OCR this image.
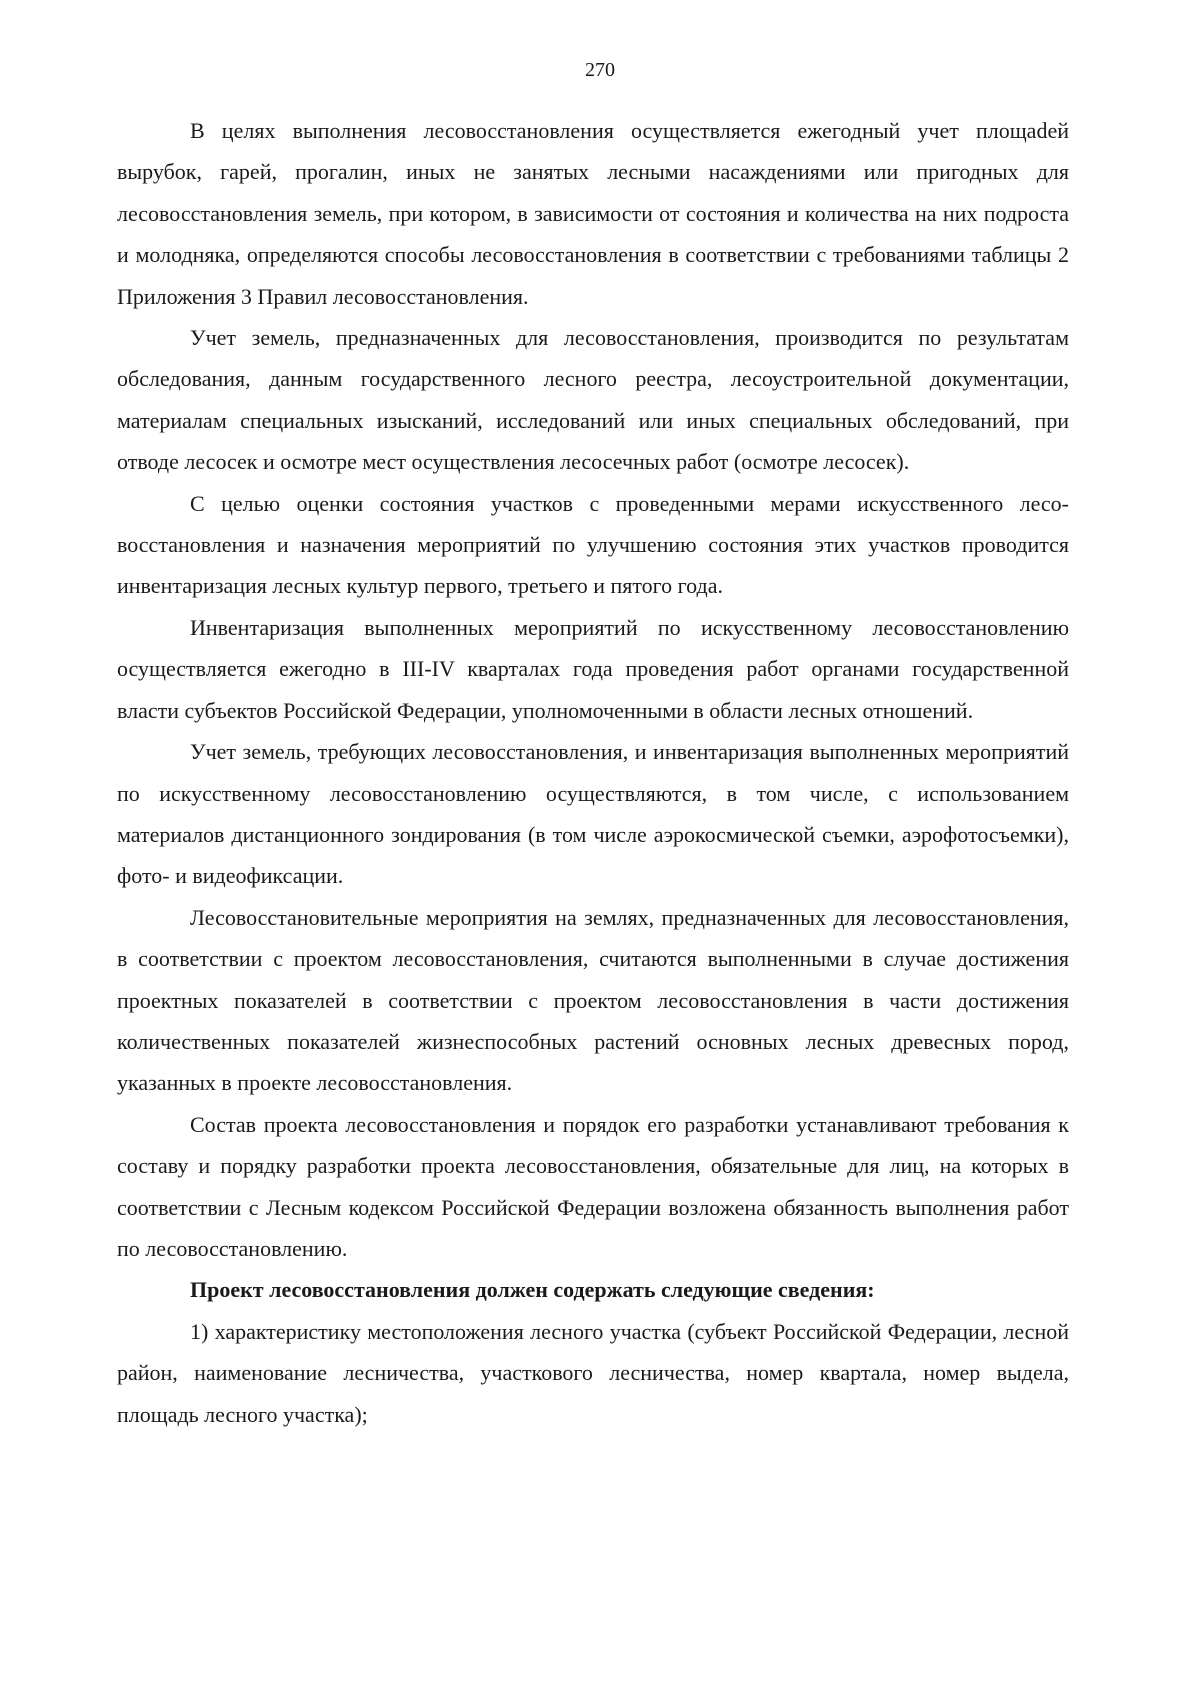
270

В целях выполнения лесовосстановления осуществляется ежегодный учет площаdей вырубок, гарей, прогалин, иных не занятых лесными насаждениями или пригодных для лесовосстановления земель, при котором, в зависимости от состояния и количества на них подроста и молодняка, определяются способы лесовосстановления в соответствии с требованиями таблицы 2 Приложения 3 Правил лесовосстановления.

Учет земель, предназначенных для лесовосстановления, производится по результатам обследования, данным государственного лесного реестра, лесоустроительной документации, материалам специальных изысканий, исследований или иных специальных обследований, при отводе лесосек и осмотре мест осуществления лесосечных работ (осмотре лесосек).

С целью оценки состояния участков с проведенными мерами искусственного лесовосстановления и назначения мероприятий по улучшению состояния этих участков проводится инвентаризация лесных культур первого, третьего и пятого года.

Инвентаризация выполненных мероприятий по искусственному лесовосстановлению осуществляется ежегодно в III-IV кварталах года проведения работ органами государственной власти субъектов Российской Федерации, уполномоченными в области лесных отношений.

Учет земель, требующих лесовосстановления, и инвентаризация выполненных мероприятий по искусственному лесовосстановлению осуществляются, в том числе, с использованием материалов дистанционного зондирования (в том числе аэрокосмической съемки, аэрофотосъемки), фото- и видеофиксации.

Лесовосстановительные мероприятия на землях, предназначенных для лесовосстановления, в соответствии с проектом лесовосстановления, считаются выполненными в случае достижения проектных показателей в соответствии с проектом лесовосстановления в части достижения количественных показателей жизнеспособных растений основных лесных древесных пород, указанных в проекте лесовосстановления.

Состав проекта лесовосстановления и порядок его разработки устанавливают требования к составу и порядку разработки проекта лесовосстановления, обязательные для лиц, на которых в соответствии с Лесным кодексом Российской Федерации возложена обязанность выполнения работ по лесовосстановлению.

Проект лесовосстановления должен содержать следующие сведения:

1) характеристику местоположения лесного участка (субъект Российской Федерации, лесной район, наименование лесничества, участкового лесничества, номер квартала, номер выдела, площадь лесного участка);
